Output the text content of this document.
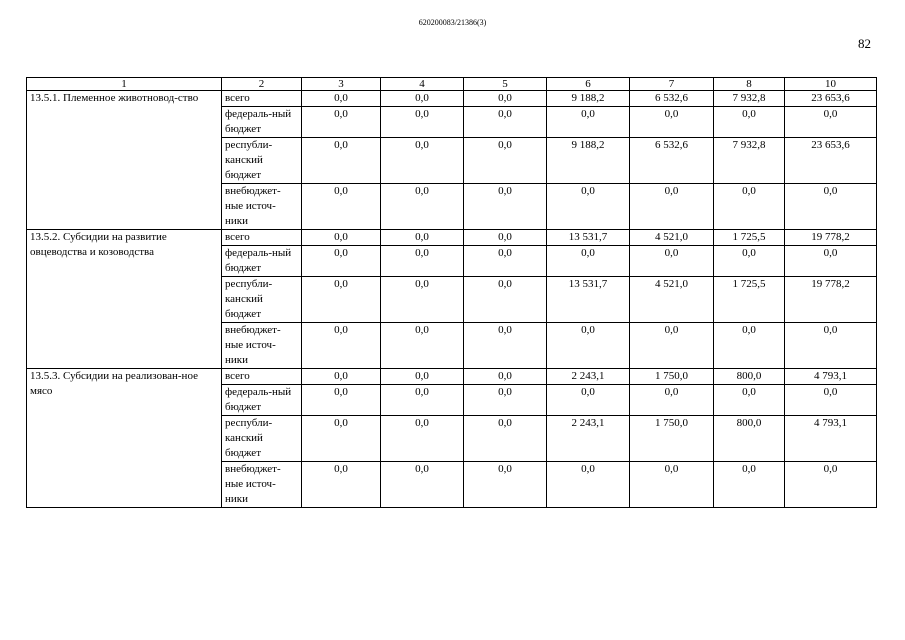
620200083/21386(3)
82
1	2	3	4	5	6	7	8	10
13.5.1. Племенное животновод-ство	всего	0,0	0,0	0,0	9 188,2	6 532,6	7 932,8	23 653,6
	федераль-ный бюджет	0,0	0,0	0,0	0,0	0,0	0,0	0,0
	республи-канский бюджет	0,0	0,0	0,0	9 188,2	6 532,6	7 932,8	23 653,6
	внебюджет-ные источ-ники	0,0	0,0	0,0	0,0	0,0	0,0	0,0
13.5.2. Субсидии на развитие овцеводства и козоводства	всего	0,0	0,0	0,0	13 531,7	4 521,0	1 725,5	19 778,2
	федераль-ный бюджет	0,0	0,0	0,0	0,0	0,0	0,0	0,0
	республи-канский бюджет	0,0	0,0	0,0	13 531,7	4 521,0	1 725,5	19 778,2
	внебюджет-ные источ-ники	0,0	0,0	0,0	0,0	0,0	0,0	0,0
13.5.3. Субсидии на реализован-ное мясо	всего	0,0	0,0	0,0	2 243,1	1 750,0	800,0	4 793,1
	федераль-ный бюджет	0,0	0,0	0,0	0,0	0,0	0,0	0,0
	республи-канский бюджет	0,0	0,0	0,0	2 243,1	1 750,0	800,0	4 793,1
	внебюджет-ные источ-ники	0,0	0,0	0,0	0,0	0,0	0,0	0,0
